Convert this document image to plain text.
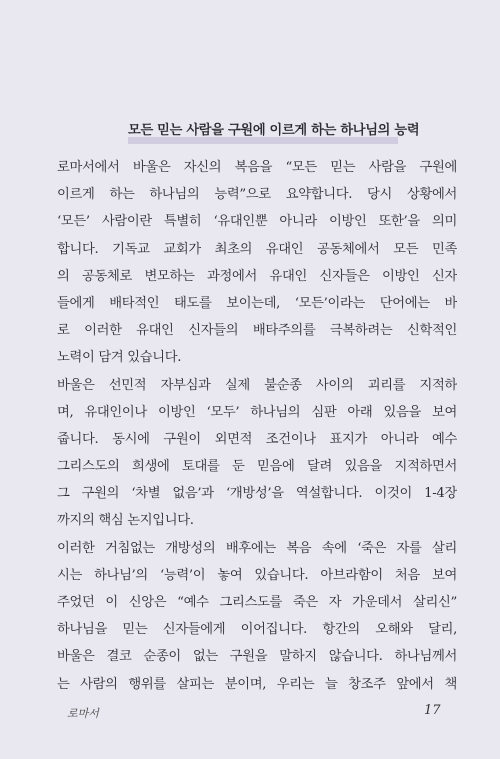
모든 믿는 사람을 구원에 이르게 하는 하나님의 능력
로마서에서 바울은 자신의 복음을 “모든 믿는 사람을 구원에
이르게 하는 하나님의 능력”으로 요약합니다. 당시 상황에서
‘모든’ 사람이란 특별히 ‘유대인뿐 아니라 이방인 또한’을 의미
합니다. 기독교 교회가 최초의 유대인 공동체에서 모든 민족
의 공동체로 변모하는 과정에서 유대인 신자들은 이방인 신자
들에게 배타적인 태도를 보이는데, ‘모든’이라는 단어에는 바
로 이러한 유대인 신자들의 배타주의를 극복하려는 신학적인
노력이 담겨 있습니다.
바울은 선민적 자부심과 실제 불순종 사이의 괴리를 지적하
며, 유대인이나 이방인 ‘모두’ 하나님의 심판 아래 있음을 보여
줍니다. 동시에 구원이 외면적 조건이나 표지가 아니라 예수
그리스도의 희생에 토대를 둔 믿음에 달려 있음을 지적하면서
그 구원의 ‘차별 없음’과 ‘개방성’을 역설합니다. 이것이 1-4장
까지의 핵심 논지입니다.
이러한 거침없는 개방성의 배후에는 복음 속에 ‘죽은 자를 살리
시는 하나님’의 ‘능력’이 놓여 있습니다. 아브라함이 처음 보여
주었던 이 신앙은 “예수 그리스도를 죽은 자 가운데서 살리신”
하나님을 믿는 신자들에게 이어집니다. 항간의 오해와 달리,
바울은 결코 순종이 없는 구원을 말하지 않습니다. 하나님께서
는 사람의 행위를 살피는 분이며, 우리는 늘 창조주 앞에서 책
로마서	17
